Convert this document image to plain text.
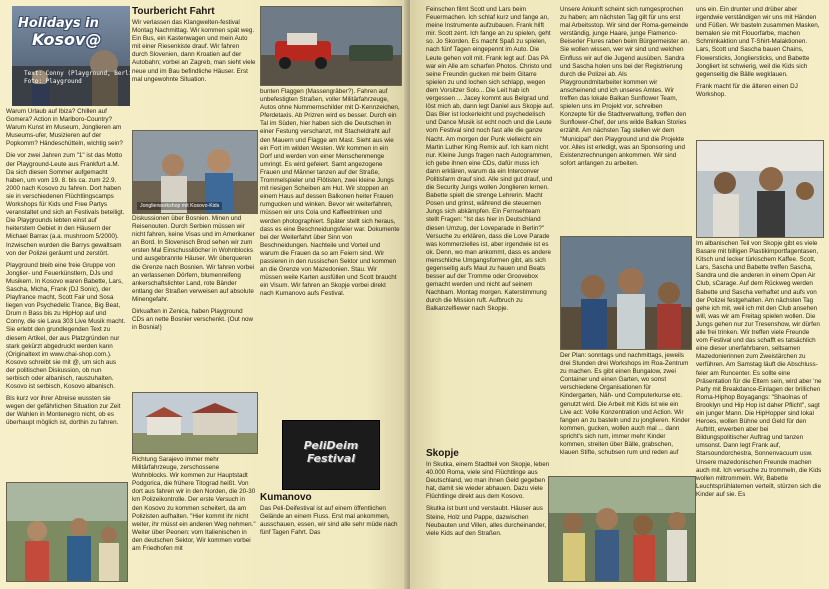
Holidays in
Kosov@
Text: Conny (Playground, Berlin)
Foto: Playground

Warum Urlaub auf Ibiza? Chillen auf Gomera? Action in Marlboro-Country? Warum Kunst im Museum, Jonglieren am Museums-ufer, Musizieren auf der Popkomm? Händeschütteln, wichtig sein?

Die vor zwei Jahren zum "1" ist das Motto der Playground-Leute aus Frankfurt a.M. Da sich diesen Sommer aufgemacht haben, um vom 19. 8. bis ca. zum 22.9. 2000 nach Kosovo zu fahren. Dort haben sie in verschiedenen Flüchtlingscamps Workshops für Kids und Free Partys veranstaltet und sich an Festivals beteiligt. Die Playgrounds lebten einst auf heiterstem Gebiet in den Häusern der Michael Barrax (a.a. mushroom 5/2000). Inzwischen wurden die Barrys gewaltsam von der Polizei geräumt und zerstört.

Playground bleib eine freie Gruppe von Jonglier- und Feuerkünstlern, DJs und Musikern. In Kosovo waren Babette, Lars, Sascha, Micha, Frank (DJ Sonic), der Playfrance macht, Scott Fair und Sosa liegen von Psychedelic Trance, Big Beat, Drum n Bass bis zu HipHop auf und Conny, die sie Lava 303 Live Musik macht. Sie erlebt den grundlegenden Text zu diesem Artikel, der aus Platzgründen nur stark gekürzt abgedruckt werden kann (Originaltext im www.chai-shop.com.). Kosovo schreibt sie mit @, um sich aus der politischen Diskussion, ob nun serbisch oder albanisch, rauszuhalten. Kosovo ist serbisch, Kosovo albanisch.

Bis kurz vor ihrer Abreise wussten sie wegen der gefährlichen Situation zur Zeit der Wahlen in Montenegro nicht, ob es überhaupt möglich ist, dorthin zu fahren.

Tourbericht Fahrt

Wir verlassen das Klangwelten-festival Montag Nachmittag. Wir kommen spät weg. Ein Bus, ein Kastenwagen und mein Auto mit einer Riesenkiste drauf. Wir fahren durch Slovenien, dann Kroatien auf der Autobahn; vorbei an Zagreb, man sieht viele neue und im Bau befindliche Häuser. Erst mal ungewohnte Situation.

Jonglierworkshop mit Kosovo-Kids

Diskussionen über Bosnien. Minen und Reisenouten. Durch Serbien müssen wir nicht fahren, keine Visas und im Amerikaner an Bord. In Slovenisch Brod sehen wir zum ersten Mal Einschussllöcher in Wohnblocks und ausgebrannte Häuser. Wir überqueren die Grenze nach Bosnien. Wir fahren vorbei an verlassenen Dörfern, blumenreifeng ankerschaftslichter Land, rote Bänder entlang der Straßen verweisen auf absolute Minengefahr.

Dirkuaften in Zenica, haben Playground CDs an nette Bosnier verschenkt. (Out now in Bosnia!)

Richtung Sarajevo immer mehr Militärfahrzeuge, zerschossene Wohnblocks. Wir kommen zur Hauptstadt Podgorica, die frühere Titograd heißt. Von dort aus fahren wir in den Norden, die 20-30 km Polizeikontrolle. Der erste Versuch in den Kosovo zu kommen scheitert, da am Polizisten aufhalten. "Hier kommt ihr nicht weiter, ihr müsst ein anderen Weg nehmen." Weiter über Peonen: vom Italienischen in den deutschen Sektor, Wir kommen vorbei am Friedhofen mit

bunten Flaggen (Massengräber?). Fahren auf unbefestigten Straßen, voller Militärfahrzeuge, Autos ohne Nummernschilder mit D-Kennzeichen, Pferdetaxis. Ab Prizren wird es besser. Durch ein Tal im Süden, hier haben sich die Deutschen in einer Festung verschanzt, mit Stacheldraht auf den Mauern und Flagge am Mast. Sieht aus wie ein Fort im wilden Westen. Wir kommen in ein Dorf und werden von einer Menschenmenge umringt. Es wird gefeiert. Samt angezogene Frauen und Männer tanzen auf der Straße, Trommelspieler und Flötisten, zwei kleine Jungs mit riesigen Scheiben am Hut. Wir stoppen an einem Haus auf dessen Balkonen heiter Frauen rumgucken und winken. Bevor wir weiterfahren, müssen wir uns Cola und Kaffeetrinken und werden photographiert. Später stellt sich heraus, dass es eine Beschneidungsfeier war. Dokumente bei der Weiterfahrt über Sinn von Beschneidungen. Nachteile und Vorteil und warum die Frauen da so am Feiern sind. Wir passieren in den russischen Sektor und kommen an die Grenze von Mazedonien. Stau. Wir müssen weile Karten ausfüllen und Scott braucht ein Visum. Wir fahren an Skopje vorbei direkt nach Kumanovo aufs Festival.

PeliDeim Festival
Kumanovo

Das Peli-Deifestival ist auf einem öffentlichen Gelände an einem Fluss. Erst mal ankommen, ausschauen, essen, wir sind alle sehr müde nach fünf Tagen Fahrt. Das

Feinschen filmt Scott und Lars beim Feuermachen. Ich schlaf kurz und fange an, meine Instrumente aufzubauen. Frank hilft mir. Scott zerrt. Ich fange an zu spielen, geht so. Jo Skorden. Es macht Spaß zu spielen, nach fünf Tagen eingepennt im Auto. Die Leute gehen voll mit. Frank legt auf. Das PA war ein Alle am scharfen Photos. Christo und seine Freundin gucken mir beim Gitarre spielen zu und lochen sich schlapp, wegen dem Vorsitzer Solo... Die Leit hab ich vergessen ... Jacey kommt aus Belgrad und löst mich ab, dann legt Daniel aus Skopje auf. Das Bier ist lockerleicht und psychedelisch und Dance Musik ist echt noch und die Leute vom Festival sind noch fast alle die ganze Nacht. Am morgen der Punk vielleicht ein Martin Luther King Remix auf. Ich kam nicht nur. Kleine Jungs fragen nach Autogrammen, ich gebe ihnen eine CDs, dafür muss ich dann erklären, warum da ein Interconver Politisfarm drauf sind. Alle sind gut drauf, und die Security Jungs wollen Jonglieren lernen. Babette spielt die strenge Lehrerin. Macht Posen und grinst, während die steuernen Jungs sich abkämpfen. Ein Fernsehteam stellt Fragen: "Ist das hier in Deutschland diesen Umzug, der Loveparade in Berlin?" Versuche zu erklären, dass die Love Parade was kommerzielles ist, aber irgendwie ist es ok. Denn, wo man ankommt, dass es andere menschliche Umgangsformen gibt, als sich gegenseitig aufs Maul zu hauen und Beats besser auf der Tromme oder Groovebox gemacht werden und nicht auf seinem Nachbarn. Montag morgen. Katerstimmung durch die Mission ruft. Aufbruch zu Balkanzelfiewer nach Skopje.

Skopje

In Skutka, einem Stadtteil von Skopje, leben 40.000 Roma, viele sind Flüchtlinge aus Deutschland, wo man ihnen Geld gegeben hat, damit sie wieder abhauen. Dazu viele Flüchtlinge direkt aus dem Kosovo.

Skutka ist bunt und verstaubt. Häuser aus Steine, Holz und Pappe, dazwischen Neubauten und Villen, alles durcheinander, viele Kids auf den Straßen.

Unsere Ankunft scheint sich rumgesprochen zu haben; am nächsten Tag gilt für uns erst mal Arbeitsstop. Wir sind der Roma-gemeinde verständig, junge Haare, junge Flamenco-Beiserler Flures raben beim Bürgermeister an. Sie wollen wissen, wer wir sind und welchen Einfluss wir auf die Jugend ausüben. Sandra und Sascha holen uns bei der Registrierung durch die Polizei ab. Als Playgroundmitarbeiter kommen wir anscheinend und ich unseres Amtes. Wir treffen das lokale Balkan Sunflower Team, spielen uns im Projekt vor, schreiben Konzepte für die Stadtverwaltung, treffen den Sunflower-Chef, der uns wilde Balkan Stories erzählt. Am nächsten Tag stellen wir dem "Municipal" den Playground und die Projekte vor. Alles ist erledigt, was an Sponsoring und Existenzrechnungen ankommen. Wir sind sofort anfangen zu arbeiten.

Der Plan: sonntags und nachmittags, jeweils drei Stunden drei Workshops im Roa-Zentrum zu machen. Es gibt einen Bungalow, zwei Container und einen Garten, wo sonst verschiedene Organisationen für Kindergarten, Näh- und Computerkurse etc. genutzt wird. Die Arbeit mit Kids ist wie ein Live act: Volle Konzentration und Action. Wir fangen an zu basteln und zu jonglieren. Kinder kommen, gucken, wollen auch mal ... dann spricht's sich rum, immer mehr Kinder kommen, streiten über Bälle, grabschen, klauen Stifte, schubsen rum und reden auf

uns ein. Ein drunter und drüber aber irgendwie verständigen wir uns mit Händen und Füßen. Wir basteln zusammen Masken, bemalen sie mit Flouorfarbe, machen Schminkaktion und T-Shirt-Malaktionen. Lars, Scott und Sascha bauen Chains, Flowersticks, Jongliersticks, und Babette Jongliert ist schwierig, weil die Kids sich gegenseitig die Bälle wegklauen.

Frank macht für die älteren einen DJ Workshop.

Im albanischen Teil von Skopje gibt es viele Basare mit billigen Plastikimportfagentasen, Kitsch und lecker türkischem Kaffee. Scott, Lars, Sascha und Babette treffen Sascha, Sandra und die anderen in einem Open Air Club, sCarage. Auf dem Rückweg werden Babette und Sascha verhaftet und aufs von der Polizei festgehalten. Am nächsten Tag gehe ich mit, weil ich mit den Club ansehen will, was wir am Freitag spielen wollen. Die Jungs gehen nur zur Tresenshow, wir dürfen alle frei trinken. Wir treffen viele Freunde vom Festival und das schafft es tatsächlich eine dieser unerfahrbaren, seltsamen Mazedonierinnen zum Zweistärchen zu verführen. Am Samstag läuft die Abschluss-feier am Runcenter. Es sollte eine Präsentation für die Eltern sein, wird aber 'ne Party mit Breakdance-Einlagen der brillichen Roma-Hiphop Boyagangs: "Shaolnas of Brooklyn und Hip Hop ist daher Pflicht", sagt ein junger Mann. Die HipHopper sind lokal Heroes, wollen Bühne und Geld für den Auftritt, erwerben aber bei Bildungspolitischer Auftrag und tanzen umsonst. Dann legt Frank auf, Starsoundorchestra, Sonnenvacuum usw. Unsere mazedonischen Freunde machen auch mit. Ich versuche zu trommeln, die Kids wollen mittrommeln. Wir, Babette Leuchtsprühlaternen verteilt, stürzen sich die Kinder auf sie. Es
